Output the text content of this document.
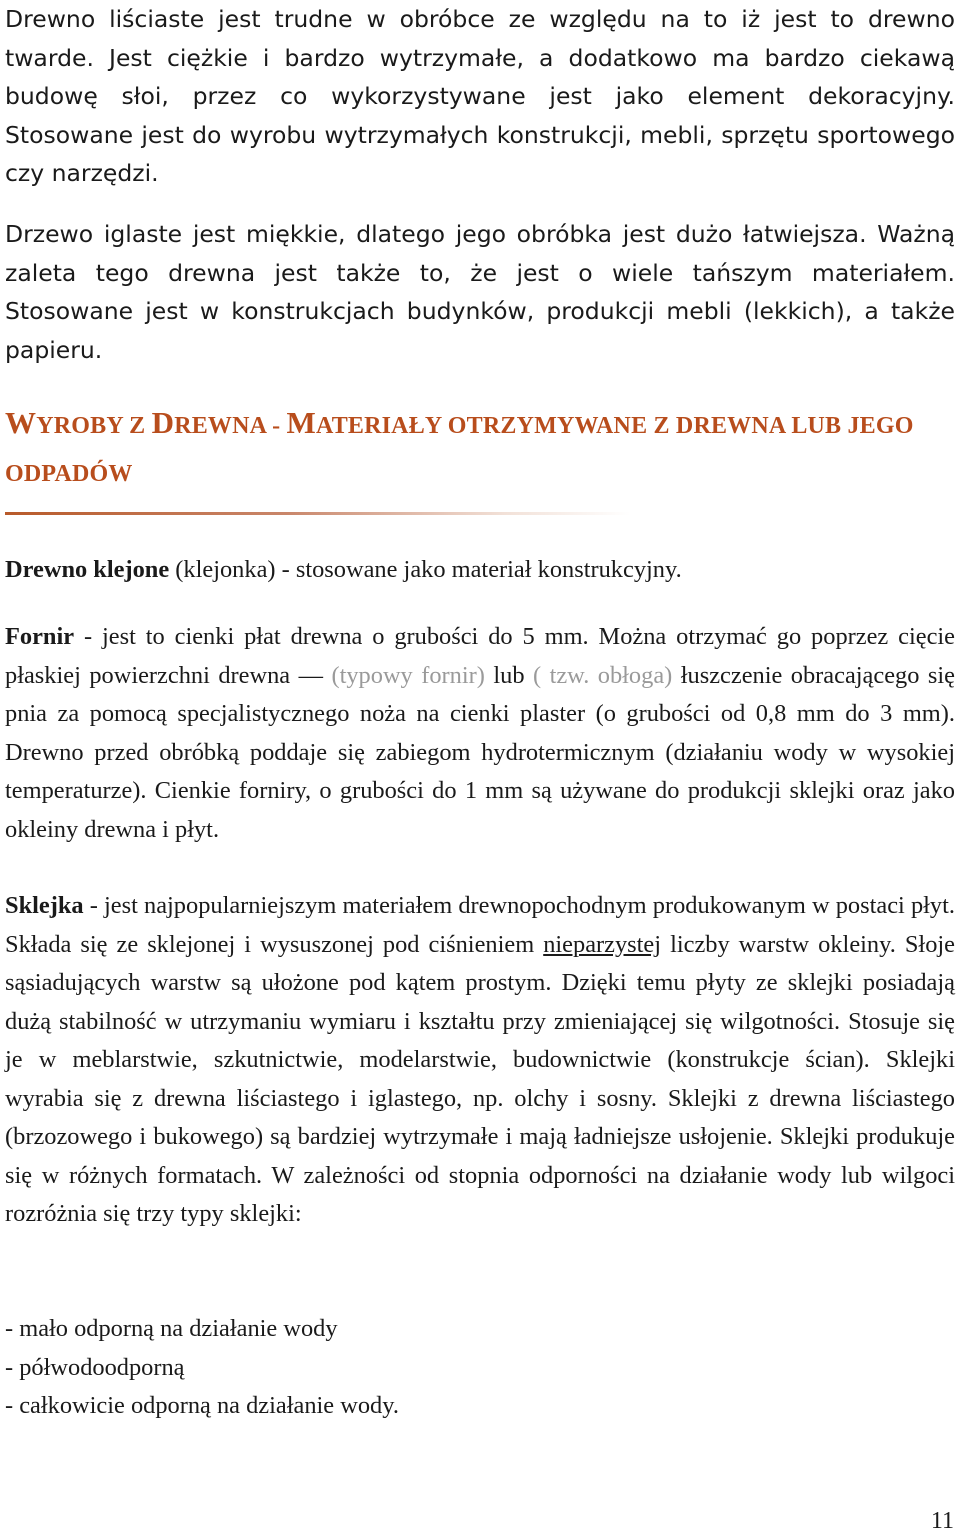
Drewno liściaste jest trudne w obróbce ze względu na to iż jest to drewno twarde. Jest ciężkie i bardzo wytrzymałe, a dodatkowo ma bardzo ciekawą budowę słoi, przez co wykorzystywane jest jako element dekoracyjny. Stosowane jest do wyrobu wytrzymałych konstrukcji, mebli, sprzętu sportowego czy narzędzi.

Drzewo iglaste jest miękkie, dlatego jego obróbka jest dużo łatwiejsza. Ważną zaleta tego drewna jest także to, że jest o wiele tańszym materiałem. Stosowane jest w konstrukcjach budynków, produkcji mebli (lekkich), a także papieru.

WYROBY Z DREWNA - MATERIAŁY OTRZYMYWANE Z DREWNA LUB JEGO ODPADÓW

Drewno klejone (klejonka) - stosowane jako materiał konstrukcyjny.

Fornir - jest to cienki płat drewna o grubości do 5 mm. Można otrzymać go poprzez cięcie płaskiej powierzchni drewna — (typowy fornir) lub ( tzw. obłoga) łuszczenie obracającego się pnia za pomocą specjalistycznego noża na cienki plaster (o grubości od 0,8 mm do 3 mm). Drewno przed obróbką poddaje się zabiegom hydrotermicznym (działaniu wody w wysokiej temperaturze). Cienkie forniry, o grubości do 1 mm są używane do produkcji sklejki oraz jako okleiny drewna i płyt.

Sklejka - jest najpopularniejszym materiałem drewnopochodnym produkowanym w postaci płyt. Składa się ze sklejonej i wysuszonej pod ciśnieniem nieparzystej liczby warstw okleiny. Słoje sąsiadujących warstw są ułożone pod kątem prostym. Dzięki temu płyty ze sklejki posiadają dużą stabilność w utrzymaniu wymiaru i kształtu przy zmieniającej się wilgotności. Stosuje się je w meblarstwie, szkutnictwie, modelarstwie, budownictwie (konstrukcje ścian). Sklejki wyrabia się z drewna liściastego i iglastego, np. olchy i sosny. Sklejki z drewna liściastego (brzozowego i bukowego) są bardziej wytrzymałe i mają ładniejsze usłojenie. Sklejki produkuje się w różnych formatach. W zależności od stopnia odporności na działanie wody lub wilgoci rozróżnia się trzy typy sklejki:

- mało odporną na działanie wody
- półwodoodporną
- całkowicie odporną na działanie wody.
11
